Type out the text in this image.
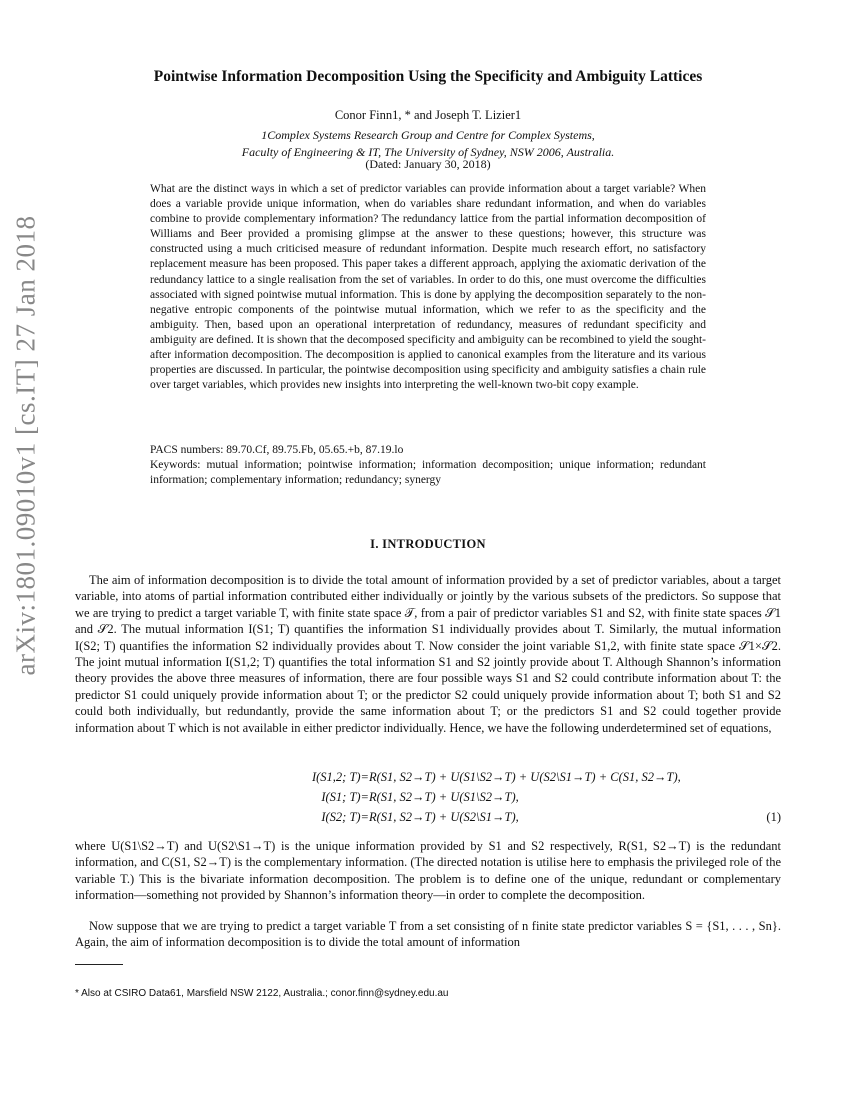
arXiv:1801.09010v1 [cs.IT] 27 Jan 2018
Pointwise Information Decomposition Using the Specificity and Ambiguity Lattices
Conor Finn1, * and Joseph T. Lizier1
1Complex Systems Research Group and Centre for Complex Systems,
Faculty of Engineering & IT, The University of Sydney, NSW 2006, Australia.
(Dated: January 30, 2018)

What are the distinct ways in which a set of predictor variables can provide information about a target variable? When does a variable provide unique information, when do variables share redundant information, and when do variables combine to provide complementary information? The redundancy lattice from the partial information decomposition of Williams and Beer provided a promising glimpse at the answer to these questions; however, this structure was constructed using a much criticised measure of redundant information. Despite much research effort, no satisfactory replacement measure has been proposed. This paper takes a different approach, applying the axiomatic derivation of the redundancy lattice to a single realisation from the set of variables. In order to do this, one must overcome the difficulties associated with signed pointwise mutual information. This is done by applying the decomposition separately to the non-negative entropic components of the pointwise mutual information, which we refer to as the specificity and the ambiguity. Then, based upon an operational interpretation of redundancy, measures of redundant specificity and ambiguity are defined. It is shown that the decomposed specificity and ambiguity can be recombined to yield the sought-after information decomposition. The decomposition is applied to canonical examples from the literature and its various properties are discussed. In particular, the pointwise decomposition using specificity and ambiguity satisfies a chain rule over target variables, which provides new insights into interpreting the well-known two-bit copy example.

PACS numbers: 89.70.Cf, 89.75.Fb, 05.65.+b, 87.19.lo
Keywords: mutual information; pointwise information; information decomposition; unique information; redundant information; complementary information; redundancy; synergy
I. INTRODUCTION

The aim of information decomposition is to divide the total amount of information provided by a set of predictor variables, about a target variable, into atoms of partial information contributed either individually or jointly by the various subsets of the predictors. So suppose that we are trying to predict a target variable T, with finite state space 𝒯, from a pair of predictor variables S1 and S2, with finite state spaces 𝒮1 and 𝒮2. The mutual information I(S1; T) quantifies the information S1 individually provides about T. Similarly, the mutual information I(S2; T) quantifies the information S2 individually provides about T. Now consider the joint variable S1,2, with finite state space 𝒮1×𝒮2. The joint mutual information I(S1,2; T) quantifies the total information S1 and S2 jointly provide about T. Although Shannon’s information theory provides the above three measures of information, there are four possible ways S1 and S2 could contribute information about T: the predictor S1 could uniquely provide information about T; or the predictor S2 could uniquely provide information about T; both S1 and S2 could both individually, but redundantly, provide the same information about T; or the predictors S1 and S2 could together provide information about T which is not available in either predictor individually. Hence, we have the following underdetermined set of equations,

I(S1,2; T)= R(S1, S2→T) + U(S1\S2→T) + U(S2\S1→T) + C(S1, S2→T),
I(S1; T)= R(S1, S2→T) + U(S1\S2→T),
I(S2; T)= R(S1, S2→T) + U(S2\S1→T),	(1)

where U(S1\S2→T) and U(S2\S1→T) is the unique information provided by S1 and S2 respectively, R(S1, S2→T) is the redundant information, and C(S1, S2→T) is the complementary information. (The directed notation is utilise here to emphasis the privileged role of the variable T.) This is the bivariate information decomposition. The problem is to define one of the unique, redundant or complementary information—something not provided by Shannon’s information theory—in order to complete the decomposition.

Now suppose that we are trying to predict a target variable T from a set consisting of n finite state predictor variables S = {S1, . . . , Sn}. Again, the aim of information decomposition is to divide the total amount of information

* Also at CSIRO Data61, Marsfield NSW 2122, Australia.; conor.finn@sydney.edu.au
